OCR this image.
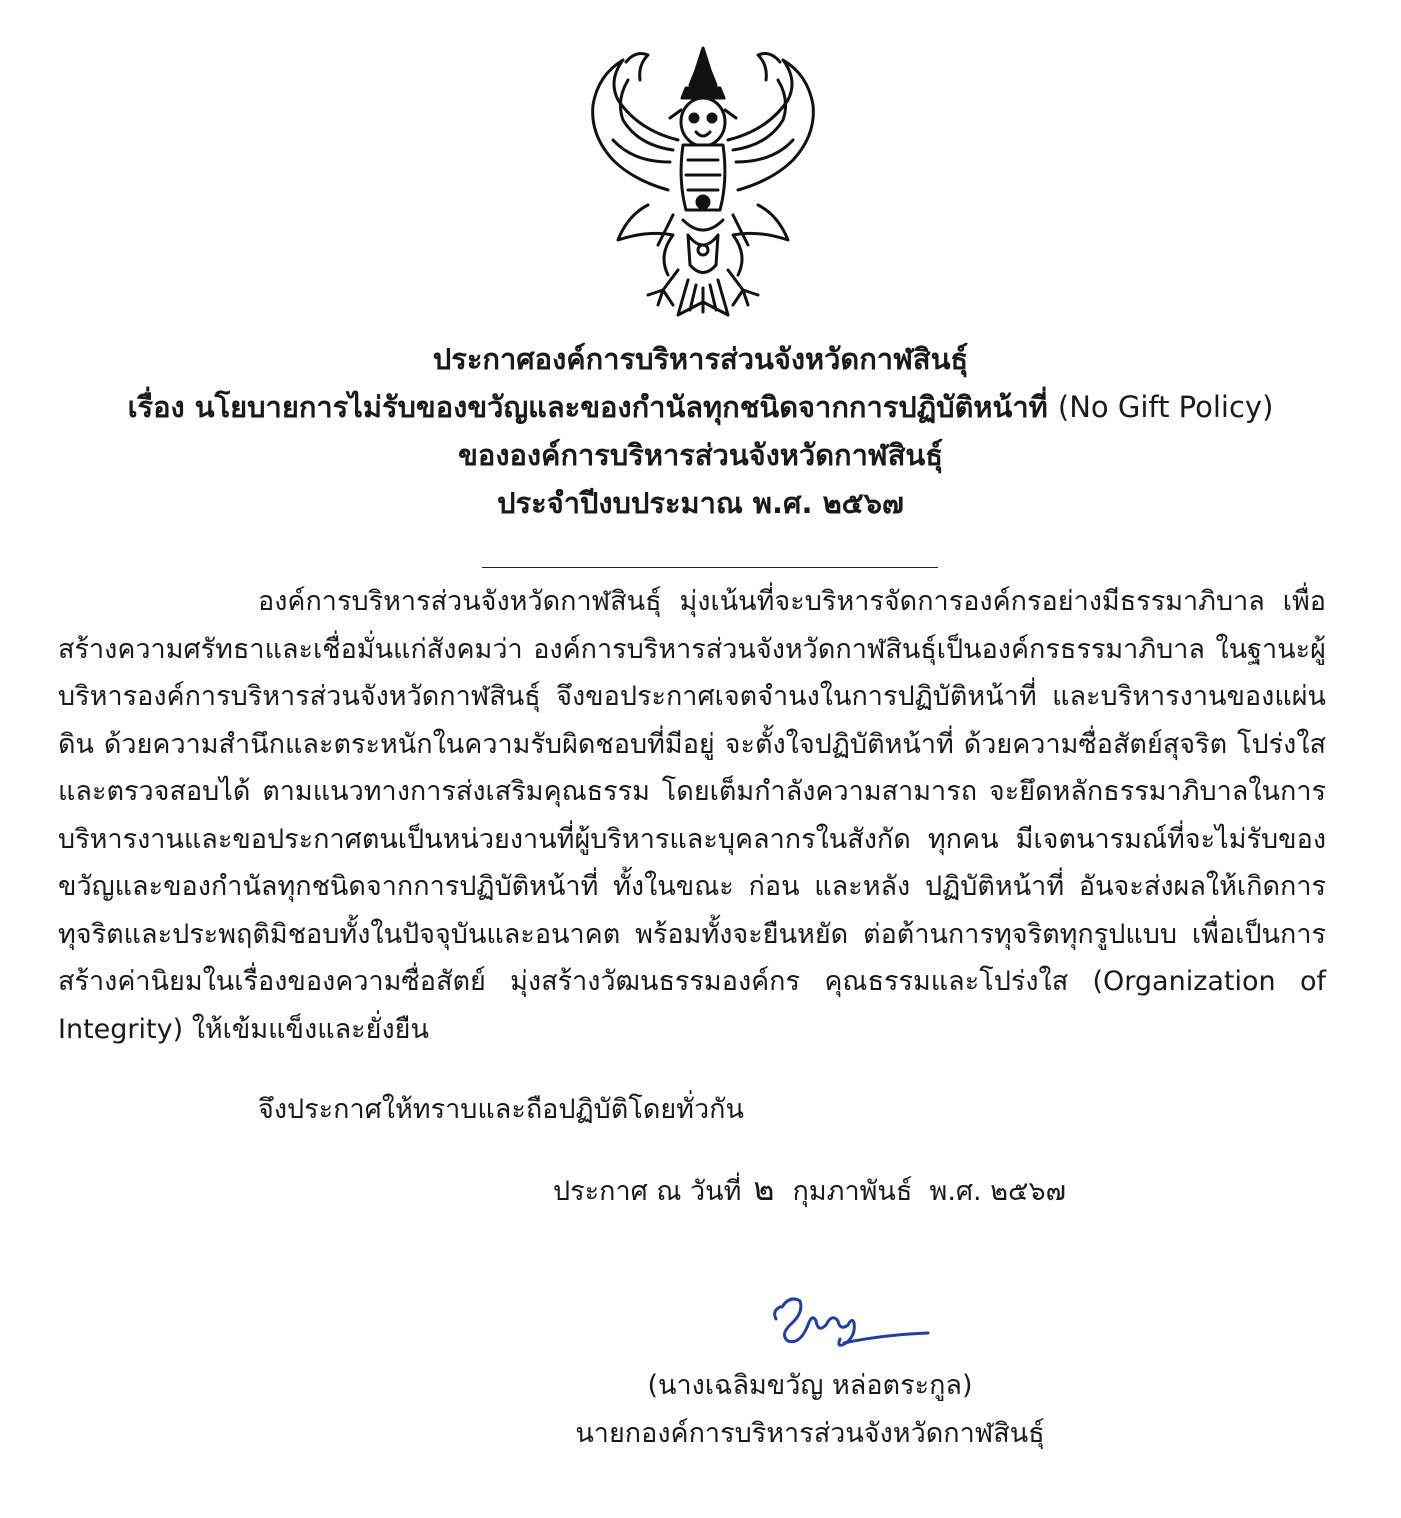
ประกาศองค์การบริหารส่วนจังหวัดกาฬสินธุ์
เรื่อง นโยบายการไม่รับของขวัญและของกำนัลทุกชนิดจากการปฏิบัติหน้าที่ (No Gift Policy)
ขององค์การบริหารส่วนจังหวัดกาฬสินธุ์
ประจำปีงบประมาณ พ.ศ. ๒๕๖๗

องค์การบริหารส่วนจังหวัดกาฬสินธุ์ มุ่งเน้นที่จะบริหารจัดการองค์กรอย่างมีธรรมาภิบาล เพื่อสร้างความศรัทธาและเชื่อมั่นแก่สังคมว่า องค์การบริหารส่วนจังหวัดกาฬสินธุ์เป็นองค์กรธรรมาภิบาล ในฐานะผู้บริหารองค์การบริหารส่วนจังหวัดกาฬสินธุ์ จึงขอประกาศเจตจำนงในการปฏิบัติหน้าที่ และบริหารงานของแผ่นดิน ด้วยความสำนึกและตระหนักในความรับผิดชอบที่มีอยู่ จะตั้งใจปฏิบัติหน้าที่ ด้วยความซื่อสัตย์สุจริต โปร่งใสและตรวจสอบได้ ตามแนวทางการส่งเสริมคุณธรรม โดยเต็มกำลังความสามารถ จะยึดหลักธรรมาภิบาลในการบริหารงานและขอประกาศตนเป็นหน่วยงานที่ผู้บริหารและบุคลากรในสังกัด ทุกคน มีเจตนารมณ์ที่จะไม่รับของขวัญและของกำนัลทุกชนิดจากการปฏิบัติหน้าที่ ทั้งในขณะ ก่อน และหลัง ปฏิบัติหน้าที่ อันจะส่งผลให้เกิดการทุจริตและประพฤติมิชอบทั้งในปัจจุบันและอนาคต พร้อมทั้งจะยืนหยัด ต่อต้านการทุจริตทุกรูปแบบ เพื่อเป็นการสร้างค่านิยมในเรื่องของความซื่อสัตย์ มุ่งสร้างวัฒนธรรมองค์กร คุณธรรมและโปร่งใส (Organization of Integrity) ให้เข้มแข็งและยั่งยืน

จึงประกาศให้ทราบและถือปฏิบัติโดยทั่วกัน
ประกาศ ณ วันที่ ๒ กุมภาพันธ์ พ.ศ. ๒๕๖๗
(นางเฉลิมขวัญ หล่อตระกูล)
นายกองค์การบริหารส่วนจังหวัดกาฬสินธุ์
